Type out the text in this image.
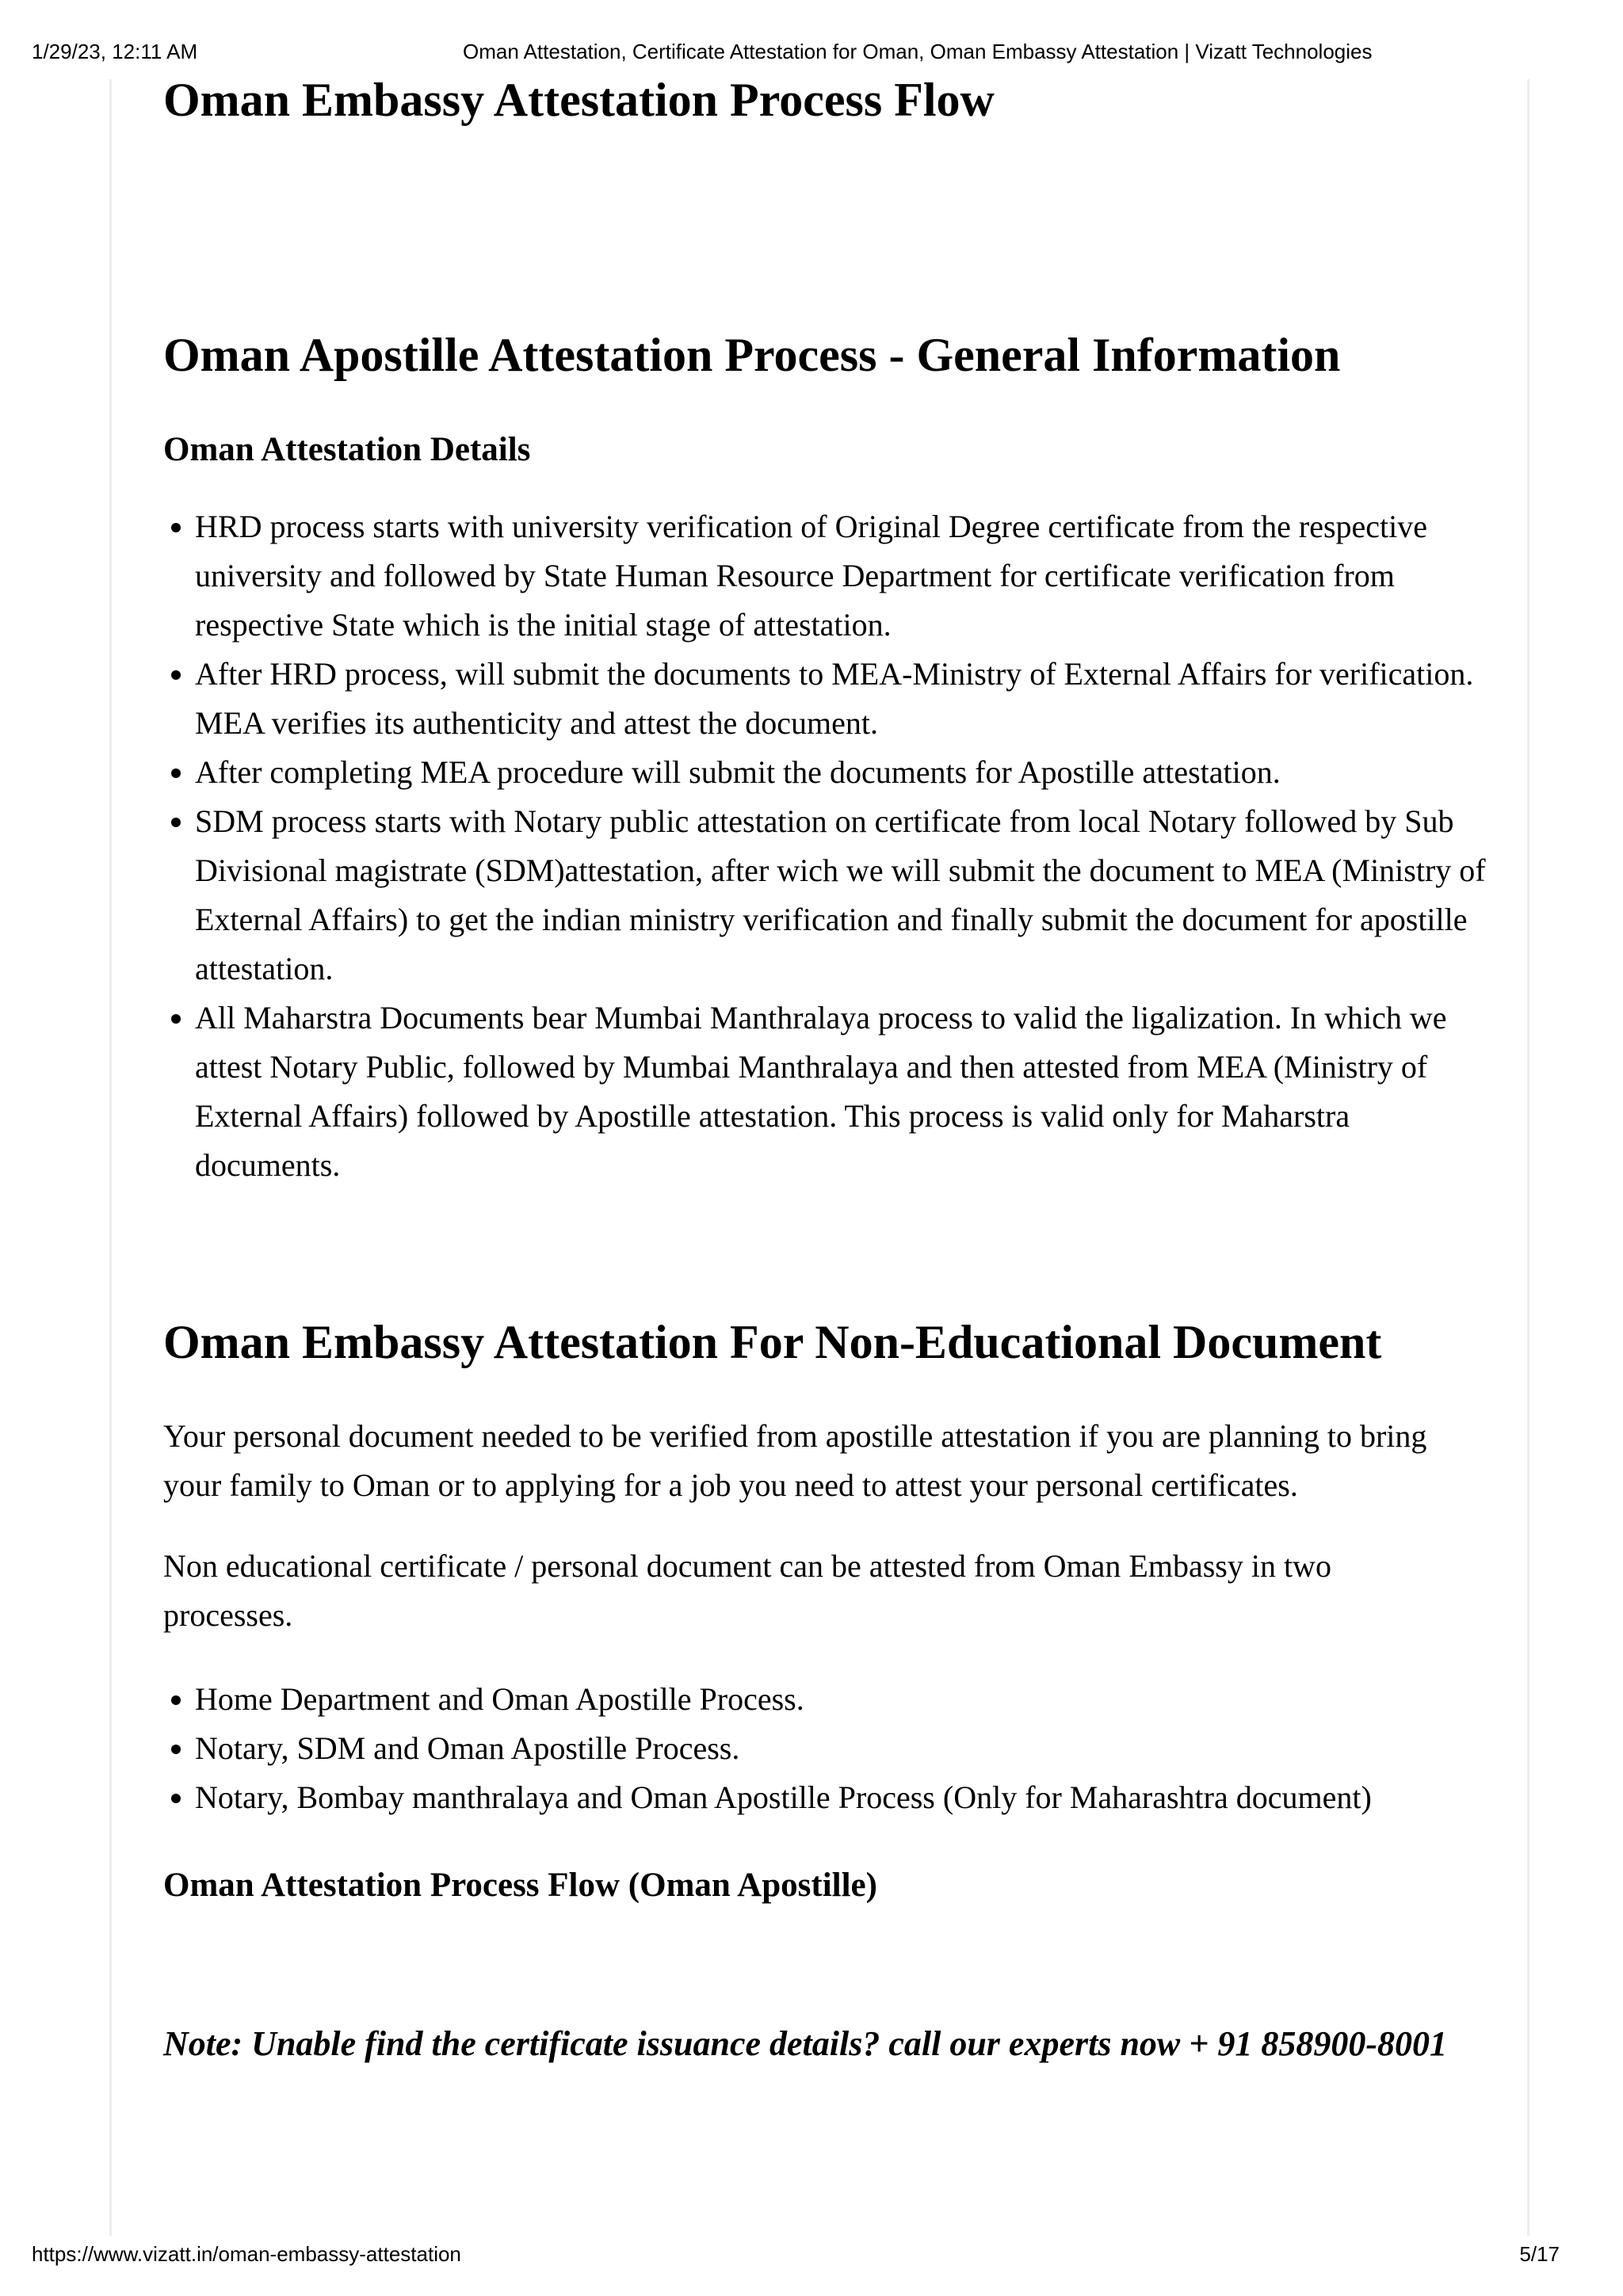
1/29/23, 12:11 AM	Oman Attestation, Certificate Attestation for Oman, Oman Embassy Attestation | Vizatt Technologies
Oman Embassy Attestation Process Flow
Oman Apostille Attestation Process - General Information
Oman Attestation Details
HRD process starts with university verification of Original Degree certificate from the respective university and followed by State Human Resource Department for certificate verification from respective State which is the initial stage of attestation.
After HRD process, will submit the documents to MEA-Ministry of External Affairs for verification. MEA verifies its authenticity and attest the document.
After completing MEA procedure will submit the documents for Apostille attestation.
SDM process starts with Notary public attestation on certificate from local Notary followed by Sub Divisional magistrate (SDM)attestation, after wich we will submit the document to MEA (Ministry of External Affairs) to get the indian ministry verification and finally submit the document for apostille attestation.
All Maharstra Documents bear Mumbai Manthralaya process to valid the ligalization. In which we attest Notary Public, followed by Mumbai Manthralaya and then attested from MEA (Ministry of External Affairs) followed by Apostille attestation. This process is valid only for Maharstra documents.
Oman Embassy Attestation For Non-Educational Document

Your personal document needed to be verified from apostille attestation if you are planning to bring your family to Oman or to applying for a job you need to attest your personal certificates.

Non educational certificate / personal document can be attested from Oman Embassy in two processes.

Home Department and Oman Apostille Process.
Notary, SDM and Oman Apostille Process.
Notary, Bombay manthralaya and Oman Apostille Process (Only for Maharashtra document)
Oman Attestation Process Flow (Oman Apostille)
Note: Unable find the certificate issuance details? call our experts now + 91 858900-8001
https://www.vizatt.in/oman-embassy-attestation	5/17
